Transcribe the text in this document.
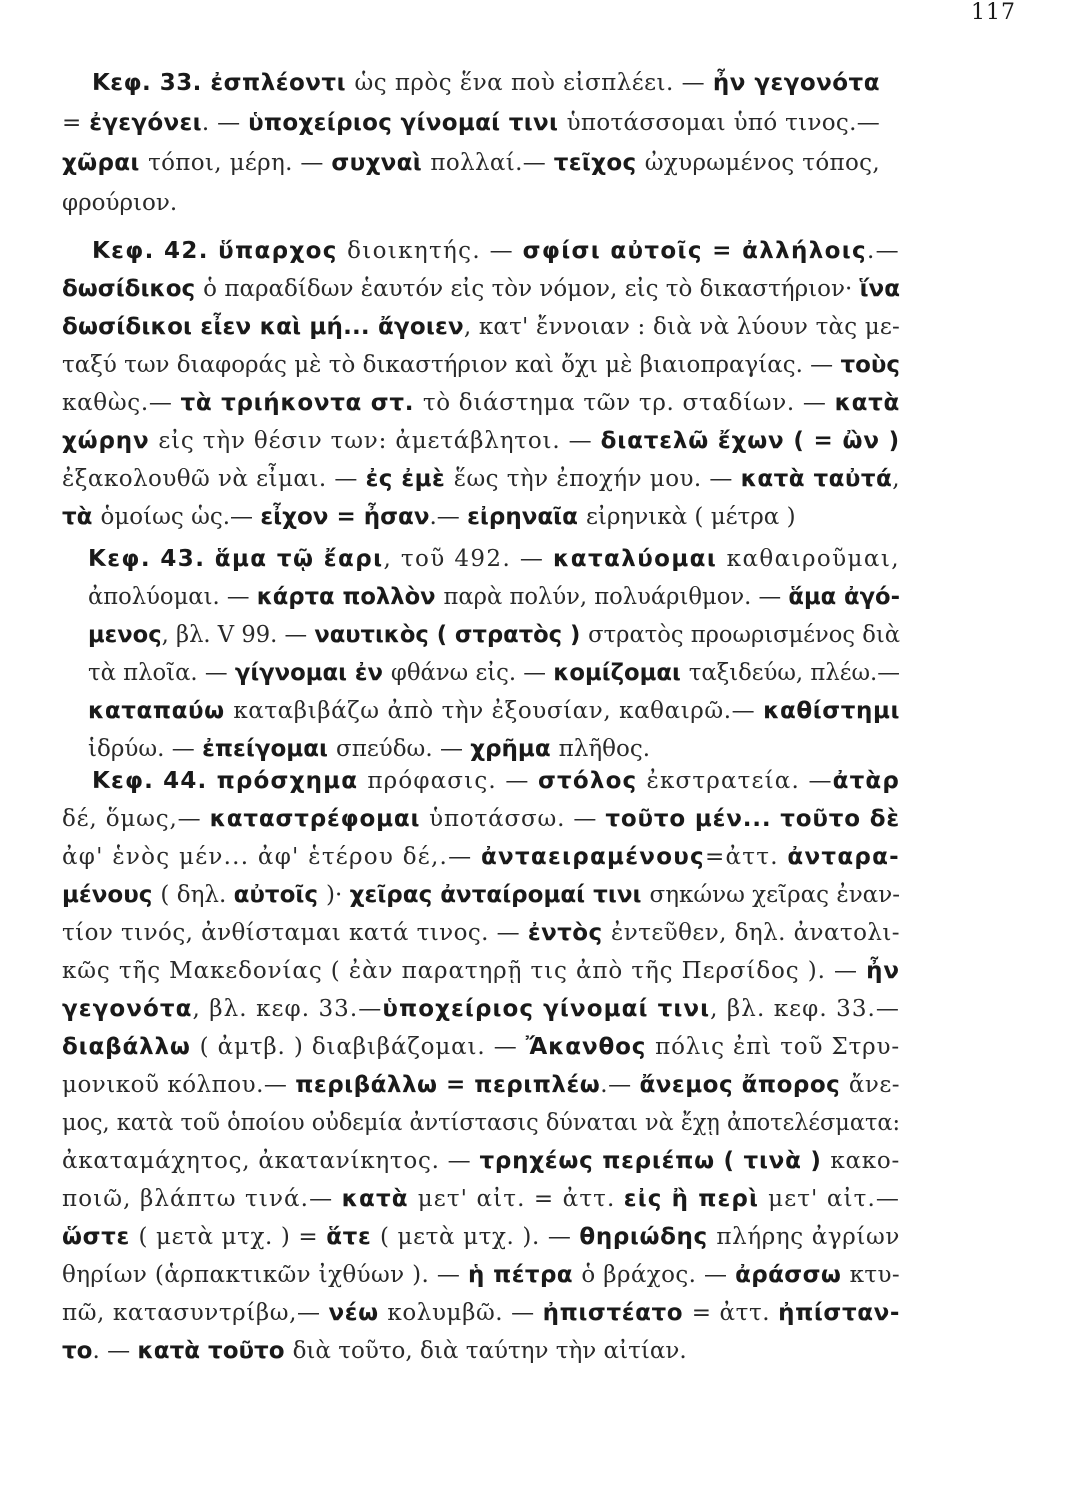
117
Κεφ. 33. ἐσπλέοντι ὡς πρὸς ἕνα ποὺ εἰσπλέει. — ἦν γεγονότα
= ἐγεγόνει. — ὑποχείριος γίνομαί τινι ὑποτάσσομαι ὑπό τινος.—
χῶραι τόποι, μέρη. — συχναὶ πολλαί.— τεῖχος ὠχυρωμένος τόπος,
φρούριον.
Κεφ. 42. ὕπαρχος διοικητής. — σφίσι αὐτοῖς = ἀλλήλοις.—
δωσίδικος ὁ παραδίδων ἑαυτόν εἰς τὸν νόμον, εἰς τὸ δικαστήριον· ἵνα
δωσίδικοι εἶεν καὶ μή... ἄγοιεν, κατ' ἔννοιαν : διὰ νὰ λύουν τὰς με-
ταξύ των διαφοράς μὲ τὸ δικαστήριον καὶ ὄχι μὲ βιαιοπραγίας. — τοὺς
καθὼς.— τὰ τριήκοντα στ. τὸ διάστημα τῶν τρ. σταδίων. — κατὰ
χώρην εἰς τὴν θέσιν των: ἀμετάβλητοι. — διατελῶ ἔχων ( = ὢν )
ἐξακολουθῶ νὰ εἶμαι. — ἐς ἐμὲ ἕως τὴν ἐποχήν μου. — κατὰ ταὐτά,
τὰ ὁμοίως ὡς.— εἶχον = ἦσαν.— εἰρηναῖα εἰρηνικὰ ( μέτρα )
Κεφ. 43. ἅμα τῷ ἔαρι, τοῦ 492. — καταλύομαι καθαιροῦμαι,
ἀπολύομαι. — κάρτα πολλὸν παρὰ πολύν, πολυάριθμον. — ἅμα ἀγό-
μενος, βλ. V 99. — ναυτικὸς ( στρατὸς ) στρατὸς προωρισμένος διὰ
τὰ πλοῖα. — γίγνομαι ἐν φθάνω εἰς. — κομίζομαι ταξιδεύω, πλέω.—
καταπαύω καταβιβάζω ἀπὸ τὴν ἐξουσίαν, καθαιρῶ.— καθίστημι
ἱδρύω. — ἐπείγομαι σπεύδω. — χρῆμα πλῆθος.
Κεφ. 44. πρόσχημα πρόφασις. — στόλος ἐκστρατεία. —ἀτὰρ
δέ, ὅμως,— καταστρέφομαι ὑποτάσσω. — τοῦτο μέν... τοῦτο δὲ
ἀφ' ἑνὸς μέν... ἀφ' ἑτέρου δέ,.— ἀνταειραμένους=ἀττ. ἀνταρα-
μένους ( δηλ. αὐτοῖς )· χεῖρας ἀνταίρομαί τινι σηκώνω χεῖρας ἐναν-
τίον τινός, ἀνθίσταμαι κατά τινος. — ἐντὸς ἐντεῦθεν, δηλ. ἀνατολι-
κῶς τῆς Μακεδονίας ( ἐὰν παρατηρῇ τις ἀπὸ τῆς Περσίδος ). — ἦν
γεγονότα, βλ. κεφ. 33.—ὑποχείριος γίνομαί τινι, βλ. κεφ. 33.—
διαβάλλω ( ἀμτβ. ) διαβιβάζομαι. — Ἄκανθος πόλις ἐπὶ τοῦ Στρυ-
μονικοῦ κόλπου.— περιβάλλω = περιπλέω.— ἄνεμος ἄπορος ἄνε-
μος, κατὰ τοῦ ὁποίου οὐδεμία ἀντίστασις δύναται νὰ ἔχῃ ἀποτελέσματα:
ἀκαταμάχητος, ἀκατανίκητος. — τρηχέως περιέπω ( τινὰ ) κακο-
ποιῶ, βλάπτω τινά.— κατὰ μετ' αἰτ. = ἀττ. εἰς ἢ περὶ μετ' αἰτ.—
ὥστε ( μετὰ μτχ. ) = ἅτε ( μετὰ μτχ. ). — θηριώδης πλήρης ἀγρίων
θηρίων (ἁρπακτικῶν ἰχθύων ). — ἡ πέτρα ὁ βράχος. — ἀράσσω κτυ-
πῶ, κατασυντρίβω,— νέω κολυμβῶ. — ἠπιστέατο = ἀττ. ἠπίσταν-
το. — κατὰ τοῦτο διὰ τοῦτο, διὰ ταύτην τὴν αἰτίαν.
